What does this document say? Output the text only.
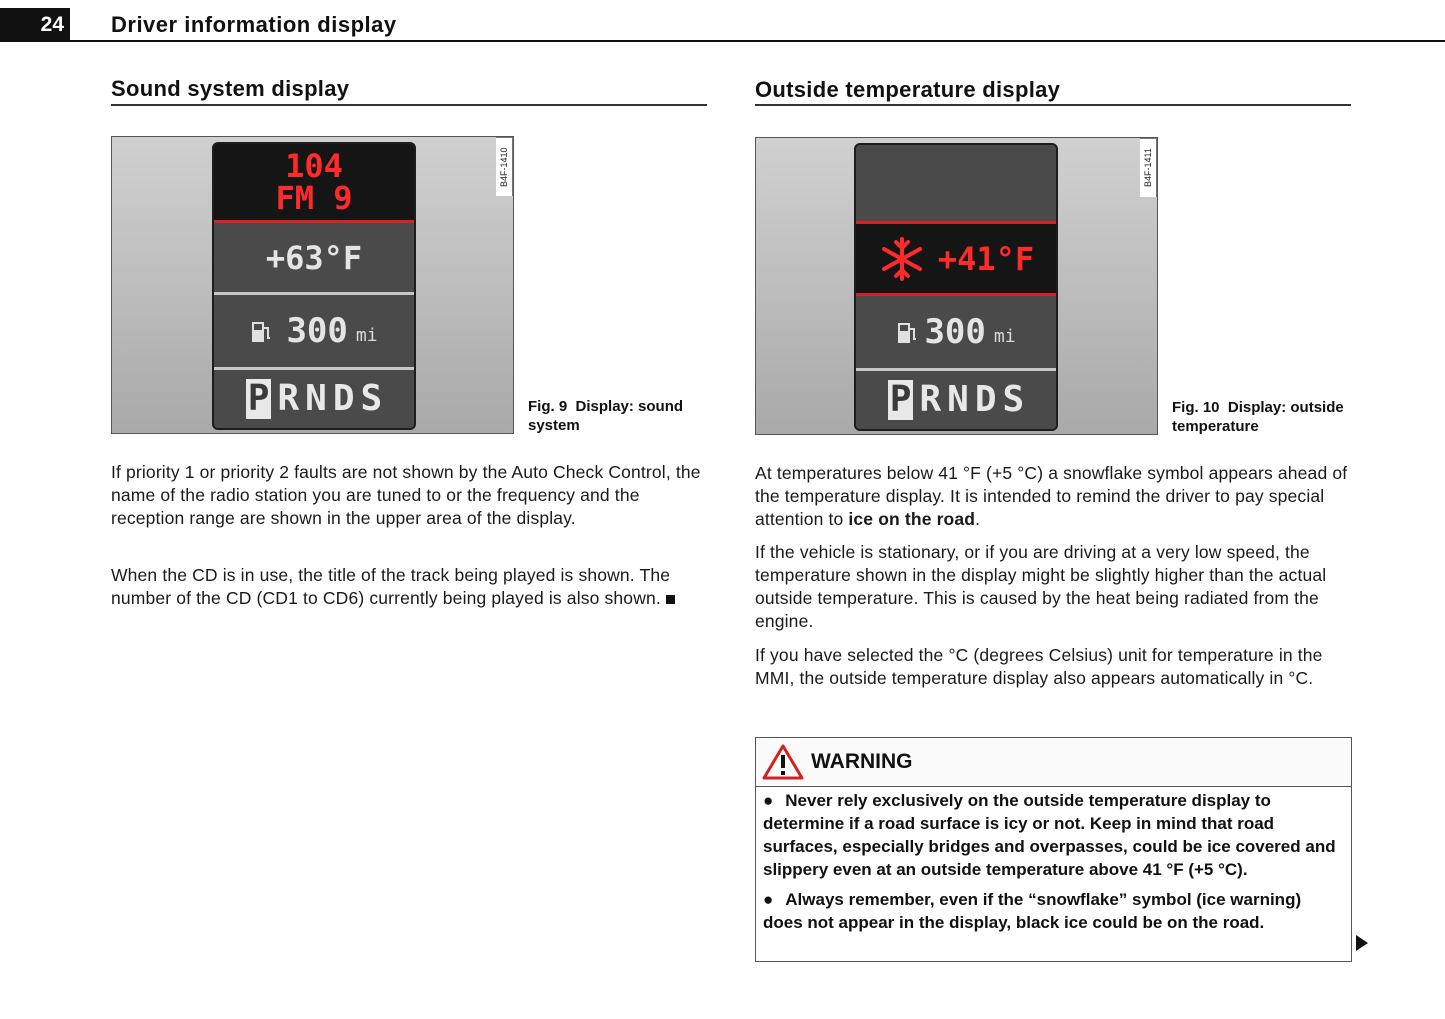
24 Driver information display
Sound system display
B4F-1410
104
FM 9
+63°F
300 mi
P R N D S	Fig. 9 Display: sound system

If priority 1 or priority 2 faults are not shown by the Auto Check Control, the name of the radio station you are tuned to or the frequency and the reception range are shown in the upper area of the display.

When the CD is in use, the title of the track being played is shown. The number of the CD (CD1 to CD6) currently being played is also shown.

Outside temperature display
B4F-1411
+41°F
300 mi
P R N D S	Fig. 10 Display: outside temperature

At temperatures below 41 °F (+5 °C) a snowflake symbol appears ahead of the temperature display. It is intended to remind the driver to pay special attention to ice on the road.

If the vehicle is stationary, or if you are driving at a very low speed, the temperature shown in the display might be slightly higher than the actual outside temperature. This is caused by the heat being radiated from the engine.

If you have selected the °C (degrees Celsius) unit for temperature in the MMI, the outside temperature display also appears automatically in °C.

WARNING

● Never rely exclusively on the outside temperature display to determine if a road surface is icy or not. Keep in mind that road surfaces, especially bridges and overpasses, could be ice covered and slippery even at an outside temperature above 41 °F (+5 °C).

● Always remember, even if the “snowflake” symbol (ice warning) does not appear in the display, black ice could be on the road.
